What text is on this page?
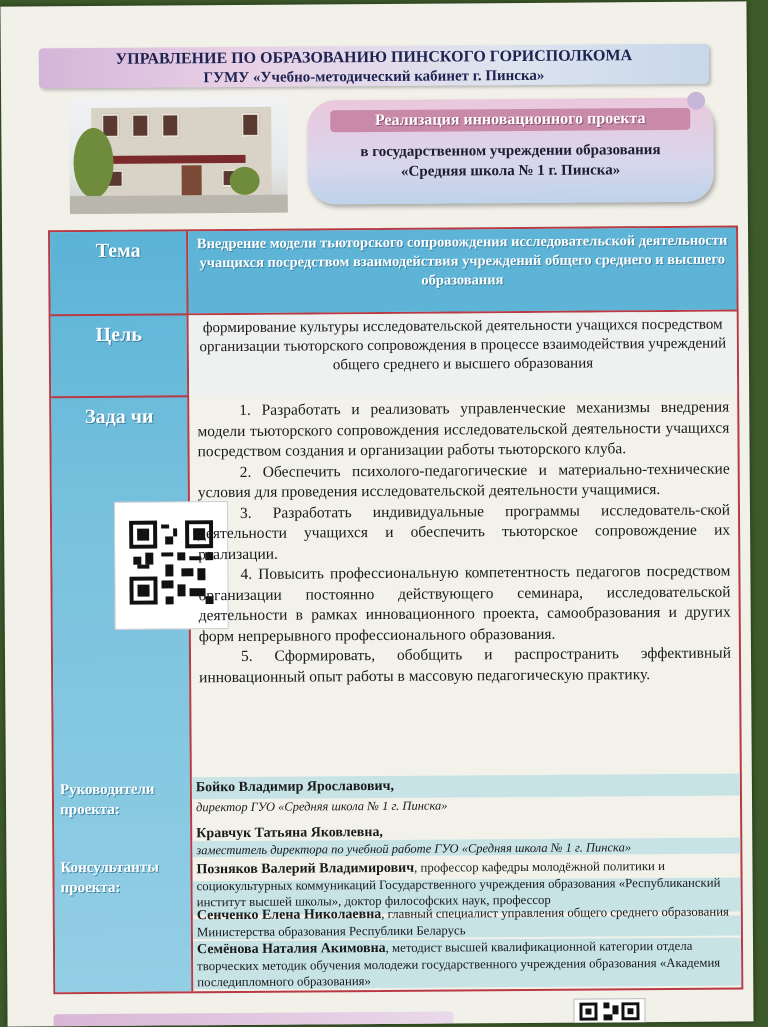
УПРАВЛЕНИЕ ПО ОБРАЗОВАНИЮ ПИНСКОГО ГОРИСПОЛКОМА
ГУМУ «Учебно-методический кабинет г. Пинска»
Реализация инновационного проекта
в государственном учреждении образования
«Средняя школа № 1 г. Пинска»
Тема	Внедрение модели тьюторского сопровождения исследовательской деятельности учащихся посредством взаимодействия учреждений общего среднего и высшего образования
Цель	формирование культуры исследовательской деятельности учащихся посредством организации тьюторского сопровождения в процессе взаимодействия учреждений общего среднего и высшего образования
Зада чи	1. Разработать и реализовать управленческие механизмы внедрения модели тьюторского сопровождения исследовательской деятельности учащихся посредством создания и организации работы тьюторского клуба.

2. Обеспечить психолого-педагогические и материально-технические условия для проведения исследовательской деятельности учащимися.

3. Разработать индивидуальные программы исследователь-ской деятельности учащихся и обеспечить тьюторское сопровождение их реализации.

4. Повысить профессиональную компетентность педагогов посредством организации постоянно действующего семинара, исследовательской деятельности в рамках инновационного проекта, самообразования и других форм непрерывного профессионального образования.

5. Сформировать, обобщить и распространить эффективный инновационный опыт работы в массовую педагогическую практику.

Руководители проекта:
Бойко Владимир Ярославович,
директор ГУО «Средняя школа № 1 г. Пинска»
Консультанты проекта:
Кравчук Татьяна Яковлевна,
заместитель директора по учебной работе ГУО «Средняя школа № 1 г. Пинска»
Позняков Валерий Владимирович, профессор кафедры молодёжной политики и социокультурных коммуникаций Государственного учреждения образования «Республиканский институт высшей школы», доктор философских наук, профессор
Сенченко Елена Николаевна, главный специалист управления общего среднего образования Министерства образования Республики Беларусь
Семёнова Наталия Акимовна, методист высшей квалификационной категории отдела творческих методик обучения молодежи государственного учреждения образования «Академия последипломного образования»
